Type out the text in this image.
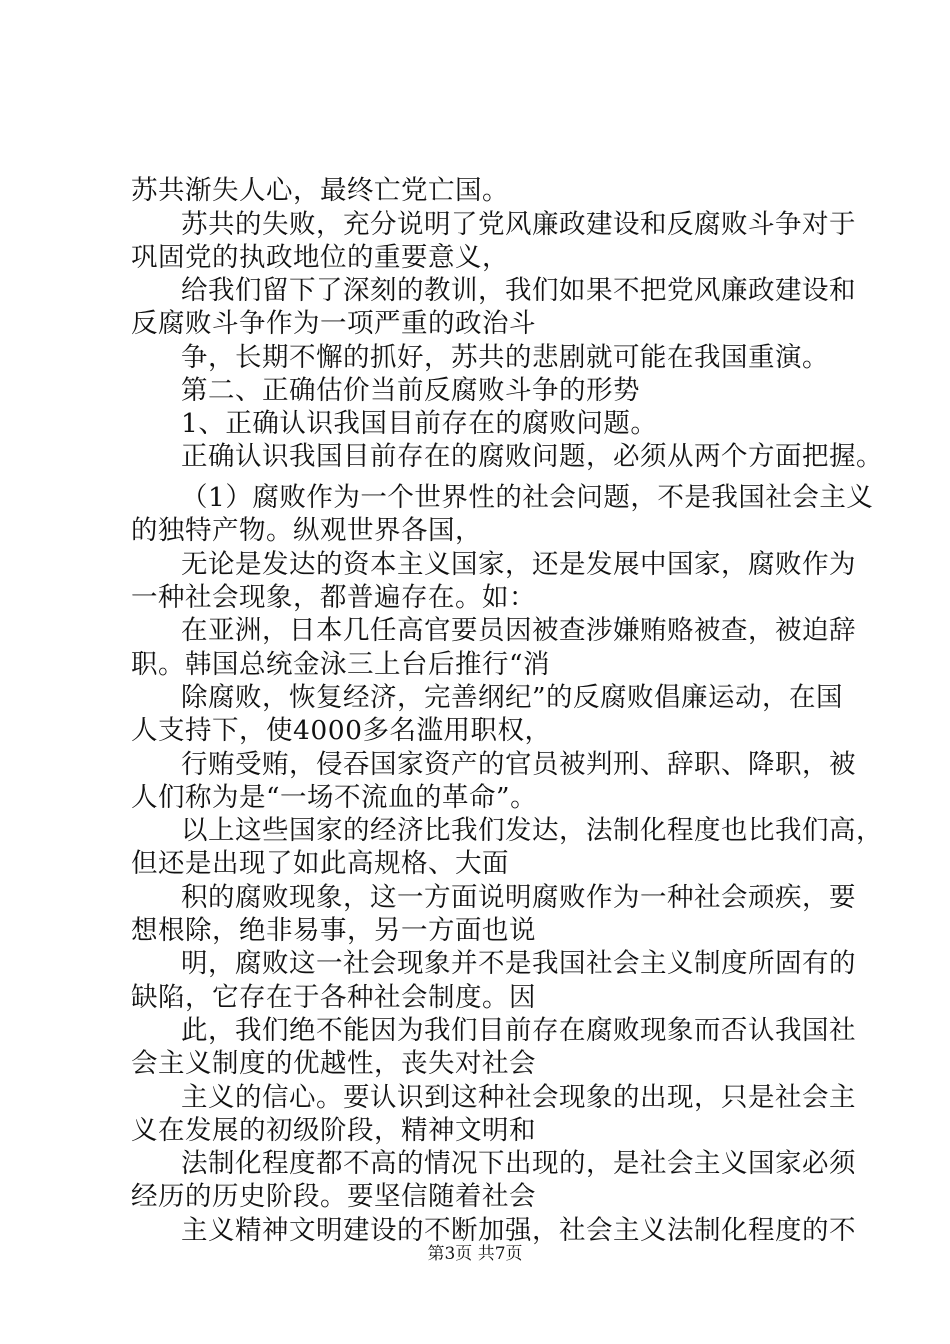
苏共渐失人心，最终亡党亡国。
苏共的失败，充分说明了党风廉政建设和反腐败斗争对于
巩固党的执政地位的重要意义，
给我们留下了深刻的教训，我们如果不把党风廉政建设和
反腐败斗争作为一项严重的政治斗
争，长期不懈的抓好，苏共的悲剧就可能在我国重演。
第二、正确估价当前反腐败斗争的形势
1、正确认识我国目前存在的腐败问题。
正确认识我国目前存在的腐败问题，必须从两个方面把握。
（1）腐败作为一个世界性的社会问题，不是我国社会主义
的独特产物。纵观世界各国，
无论是发达的资本主义国家，还是发展中国家，腐败作为
一种社会现象，都普遍存在。如：
在亚洲，日本几任高官要员因被查涉嫌贿赂被查，被迫辞
职。韩国总统金泳三上台后推行“消
除腐败，恢复经济，完善纲纪”的反腐败倡廉运动，在国
人支持下，使4000多名滥用职权，
行贿受贿，侵吞国家资产的官员被判刑、辞职、降职，被
人们称为是“一场不流血的革命”。
以上这些国家的经济比我们发达，法制化程度也比我们高，
但还是出现了如此高规格、大面
积的腐败现象，这一方面说明腐败作为一种社会顽疾，要
想根除，绝非易事，另一方面也说
明，腐败这一社会现象并不是我国社会主义制度所固有的
缺陷，它存在于各种社会制度。因
此，我们绝不能因为我们目前存在腐败现象而否认我国社
会主义制度的优越性，丧失对社会
主义的信心。要认识到这种社会现象的出现，只是社会主
义在发展的初级阶段，精神文明和
法制化程度都不高的情况下出现的，是社会主义国家必须
经历的历史阶段。要坚信随着社会
主义精神文明建设的不断加强，社会主义法制化程度的不
第3页 共7页
